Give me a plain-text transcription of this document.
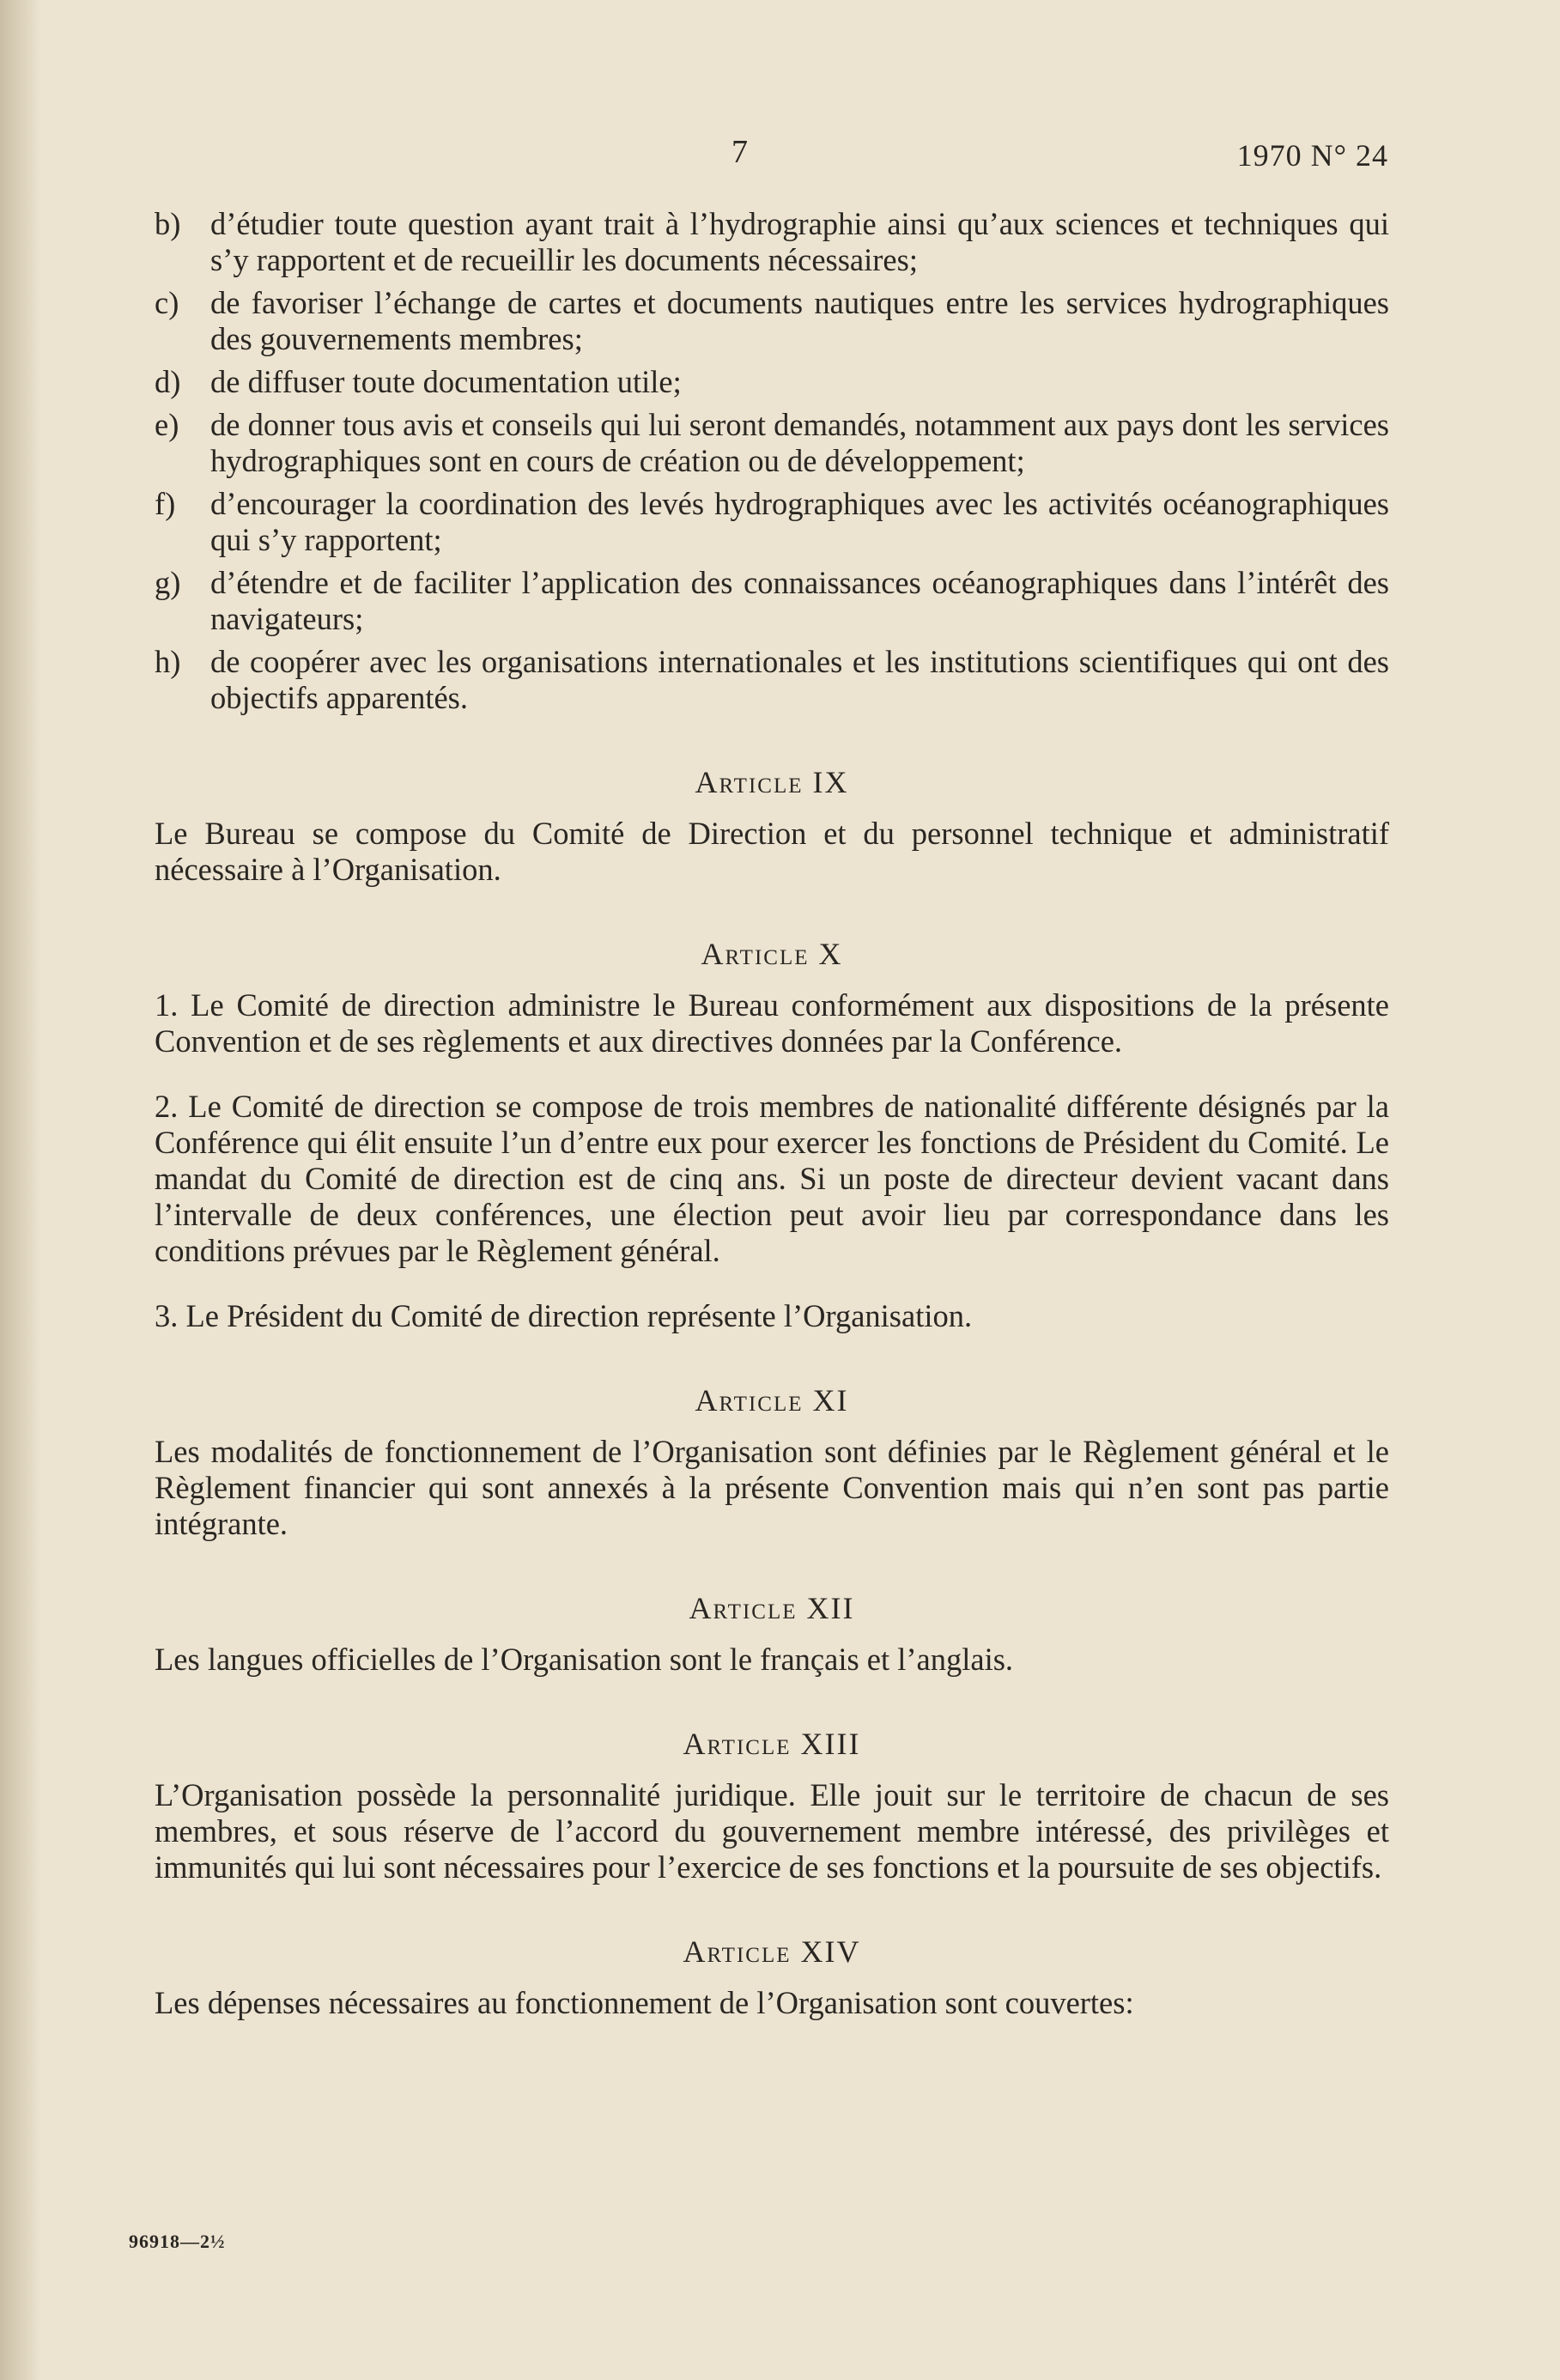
7	1970 N° 24
b) d’étudier toute question ayant trait à l’hydrographie ainsi qu’aux sciences et techniques qui s’y rapportent et de recueillir les documents nécessaires;
c)	de favoriser l’échange de cartes et documents nautiques entre les services hydrographiques des gouvernements membres;
d) de diffuser toute documentation utile;
e)	de donner tous avis et conseils qui lui seront demandés, notamment aux pays dont les services hydrographiques sont en cours de création ou de développement;
f)	d’encourager la coordination des levés hydrographiques avec les activités océanographiques qui s’y rapportent;
g) d’étendre et de faciliter l’application des connaissances océanographiques dans l’intérêt des navigateurs;
h) de coopérer avec les organisations internationales et les institutions scientifiques qui ont des objectifs apparentés.
Article IX

Le Bureau se compose du Comité de Direction et du personnel technique et administratif nécessaire à l’Organisation.

Article X

1. Le Comité de direction administre le Bureau conformément aux dispositions de la présente Convention et de ses règlements et aux directives données par la Conférence.

2. Le Comité de direction se compose de trois membres de nationalité différente désignés par la Conférence qui élit ensuite l’un d’entre eux pour exercer les fonctions de Président du Comité. Le mandat du Comité de direction est de cinq ans. Si un poste de directeur devient vacant dans l’intervalle de deux conférences, une élection peut avoir lieu par correspondance dans les conditions prévues par le Règlement général.

3. Le Président du Comité de direction représente l’Organisation.

Article XI

Les modalités de fonctionnement de l’Organisation sont définies par le Règlement général et le Règlement financier qui sont annexés à la présente Convention mais qui n’en sont pas partie intégrante.

Article XII

Les langues officielles de l’Organisation sont le français et l’anglais.

Article XIII

L’Organisation possède la personnalité juridique. Elle jouit sur le territoire de chacun de ses membres, et sous réserve de l’accord du gouvernement membre intéressé, des privilèges et immunités qui lui sont nécessaires pour l’exercice de ses fonctions et la poursuite de ses objectifs.

Article XIV

Les dépenses nécessaires au fonctionnement de l’Organisation sont couvertes:

96918—2½
